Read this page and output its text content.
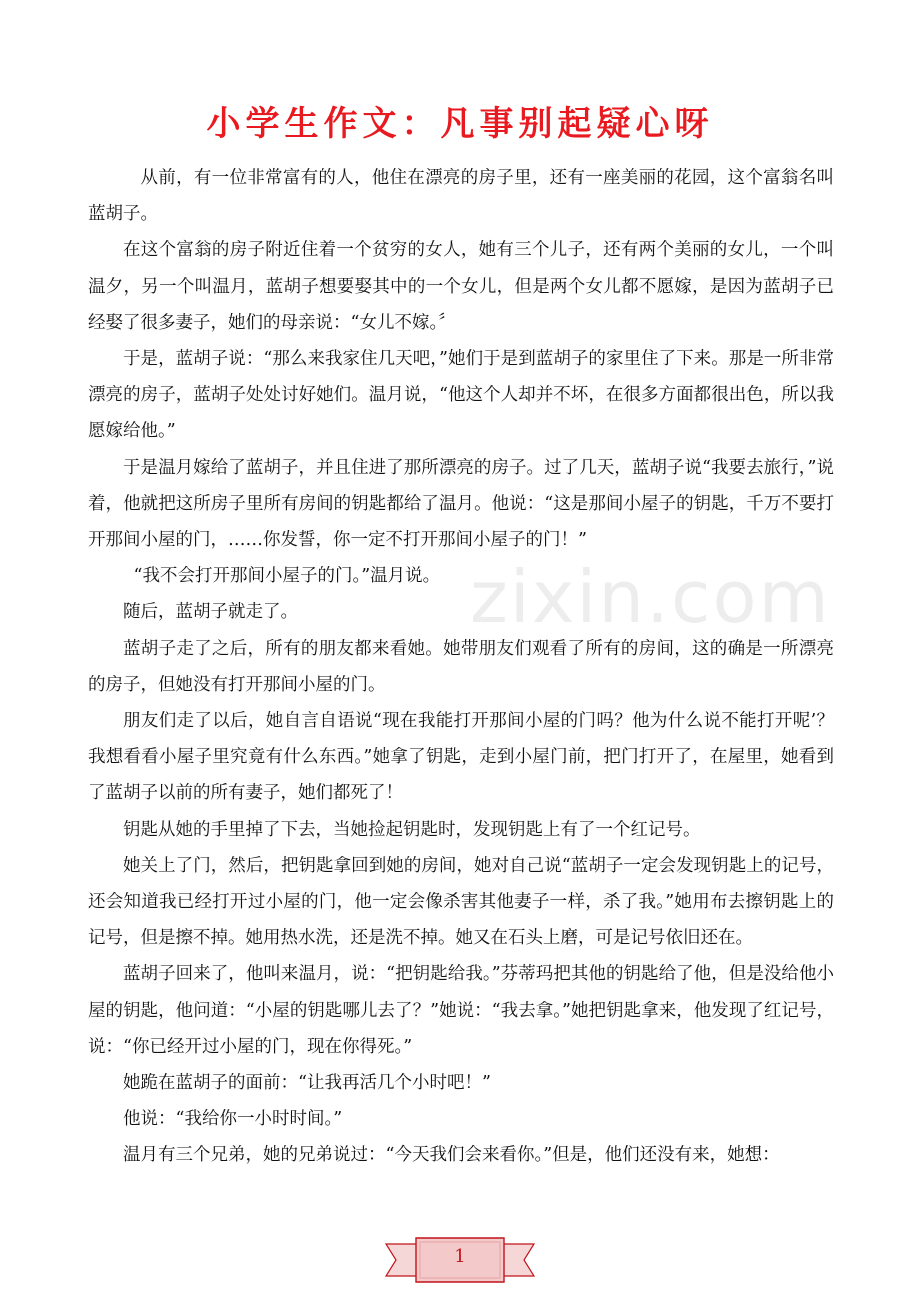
小学生作文：凡事别起疑心呀

从前，有一位非常富有的人，他住在漂亮的房子里，还有一座美丽的花园，这个富翁名叫蓝胡子。

在这个富翁的房子附近住着一个贫穷的女人，她有三个儿子，还有两个美丽的女儿，一个叫温夕，另一个叫温月，蓝胡子想要娶其中的一个女儿，但是两个女儿都不愿嫁，是因为蓝胡子已经娶了很多妻子，她们的母亲说：“女儿不嫁。〞

于是，蓝胡子说：“那么来我家住几天吧，”她们于是到蓝胡子的家里住了下来。那是一所非常漂亮的房子，蓝胡子处处讨好她们。温月说，“他这个人却并不坏，在很多方面都很出色，所以我愿嫁给他。”

于是温月嫁给了蓝胡子，并且住进了那所漂亮的房子。过了几天，蓝胡子说“我要去旅行，”说着，他就把这所房子里所有房间的钥匙都给了温月。他说：“这是那间小屋子的钥匙，千万不要打开那间小屋的门，……你发誓，你一定不打开那间小屋子的门！”

“我不会打开那间小屋子的门。”温月说。

随后，蓝胡子就走了。

蓝胡子走了之后，所有的朋友都来看她。她带朋友们观看了所有的房间，这的确是一所漂亮的房子，但她没有打开那间小屋的门。

朋友们走了以后，她自言自语说“现在我能打开那间小屋的门吗？他为什么说不能打开呢’？我想看看小屋子里究竟有什么东西。”她拿了钥匙，走到小屋门前，把门打开了，在屋里，她看到了蓝胡子以前的所有妻子，她们都死了！

钥匙从她的手里掉了下去，当她捡起钥匙时，发现钥匙上有了一个红记号。

她关上了门，然后，把钥匙拿回到她的房间，她对自己说“蓝胡子一定会发现钥匙上的记号，还会知道我已经打开过小屋的门，他一定会像杀害其他妻子一样，杀了我。”她用布去擦钥匙上的记号，但是擦不掉。她用热水洗，还是洗不掉。她又在石头上磨，可是记号依旧还在。

蓝胡子回来了，他叫来温月，说：“把钥匙给我。”芬蒂玛把其他的钥匙给了他，但是没给他小屋的钥匙，他问道：“小屋的钥匙哪儿去了？”她说：“我去拿。”她把钥匙拿来，他发现了红记号，说：“你已经开过小屋的门，现在你得死。”

她跪在蓝胡子的面前：“让我再活几个小时吧！”

他说：“我给你一小时时间。”

温月有三个兄弟，她的兄弟说过：“今天我们会来看你。”但是，他们还没有来，她想：

zixin.com
1
